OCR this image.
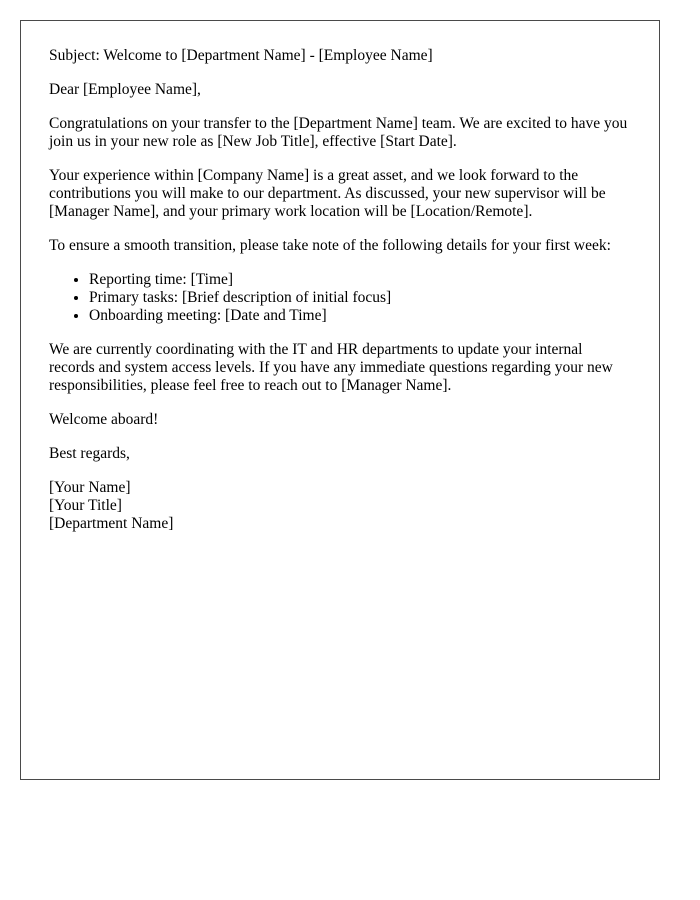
Subject: Welcome to [Department Name] - [Employee Name]

Dear [Employee Name],

Congratulations on your transfer to the [Department Name] team. We are excited to have you join us in your new role as [New Job Title], effective [Start Date].

Your experience within [Company Name] is a great asset, and we look forward to the contributions you will make to our department. As discussed, your new supervisor will be [Manager Name], and your primary work location will be [Location/Remote].

To ensure a smooth transition, please take note of the following details for your first week:

• Reporting time: [Time]
• Primary tasks: [Brief description of initial focus]
• Onboarding meeting: [Date and Time]

We are currently coordinating with the IT and HR departments to update your internal records and system access levels. If you have any immediate questions regarding your new responsibilities, please feel free to reach out to [Manager Name].

Welcome aboard!

Best regards,

[Your Name]
[Your Title]
[Department Name]
